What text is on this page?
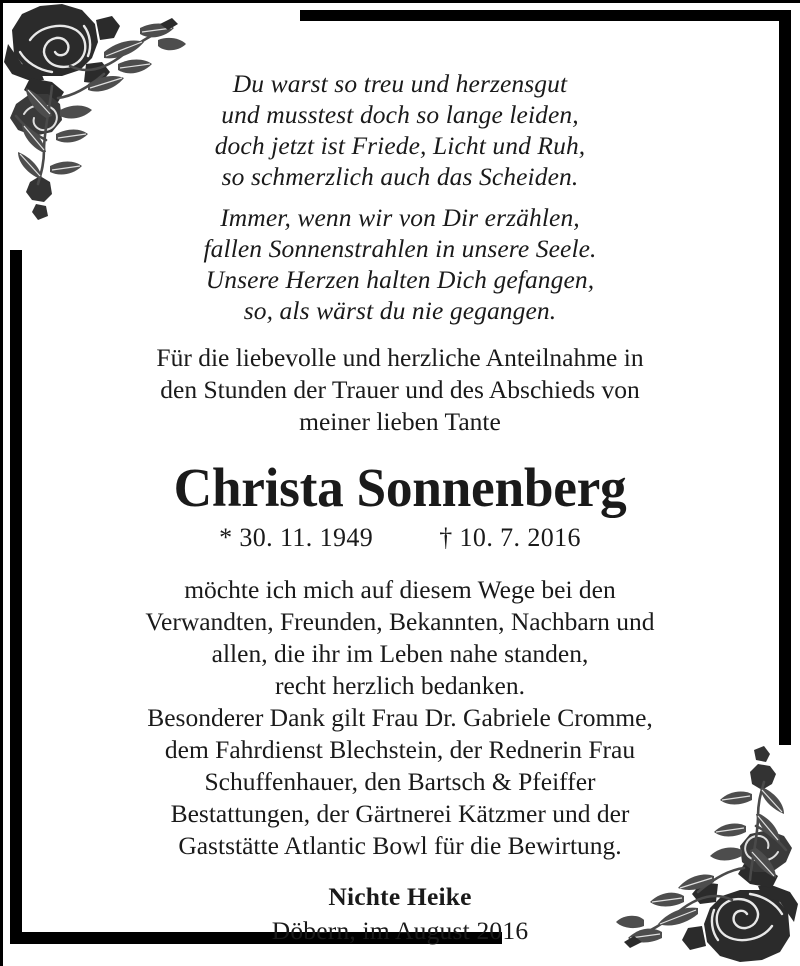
Du warst so treu und herzensgut
und musstest doch so lange leiden,
doch jetzt ist Friede, Licht und Ruh,
so schmerzlich auch das Scheiden.
Immer, wenn wir von Dir erzählen,
fallen Sonnenstrahlen in unsere Seele.
Unsere Herzen halten Dich gefangen,
so, als wärst du nie gegangen.
Für die liebevolle und herzliche Anteilnahme in
den Stunden der Trauer und des Abschieds von
meiner lieben Tante
Christa Sonnenberg
* 30. 11. 1949	† 10. 7. 2016
möchte ich mich auf diesem Wege bei den
Verwandten, Freunden, Bekannten, Nachbarn und
allen, die ihr im Leben nahe standen,
recht herzlich bedanken.
Besonderer Dank gilt Frau Dr. Gabriele Cromme,
dem Fahrdienst Blechstein, der Rednerin Frau
Schuffenhauer, den Bartsch & Pfeiffer
Bestattungen, der Gärtnerei Kätzmer und der
Gaststätte Atlantic Bowl für die Bewirtung.
Nichte Heike
Döbern, im August 2016
